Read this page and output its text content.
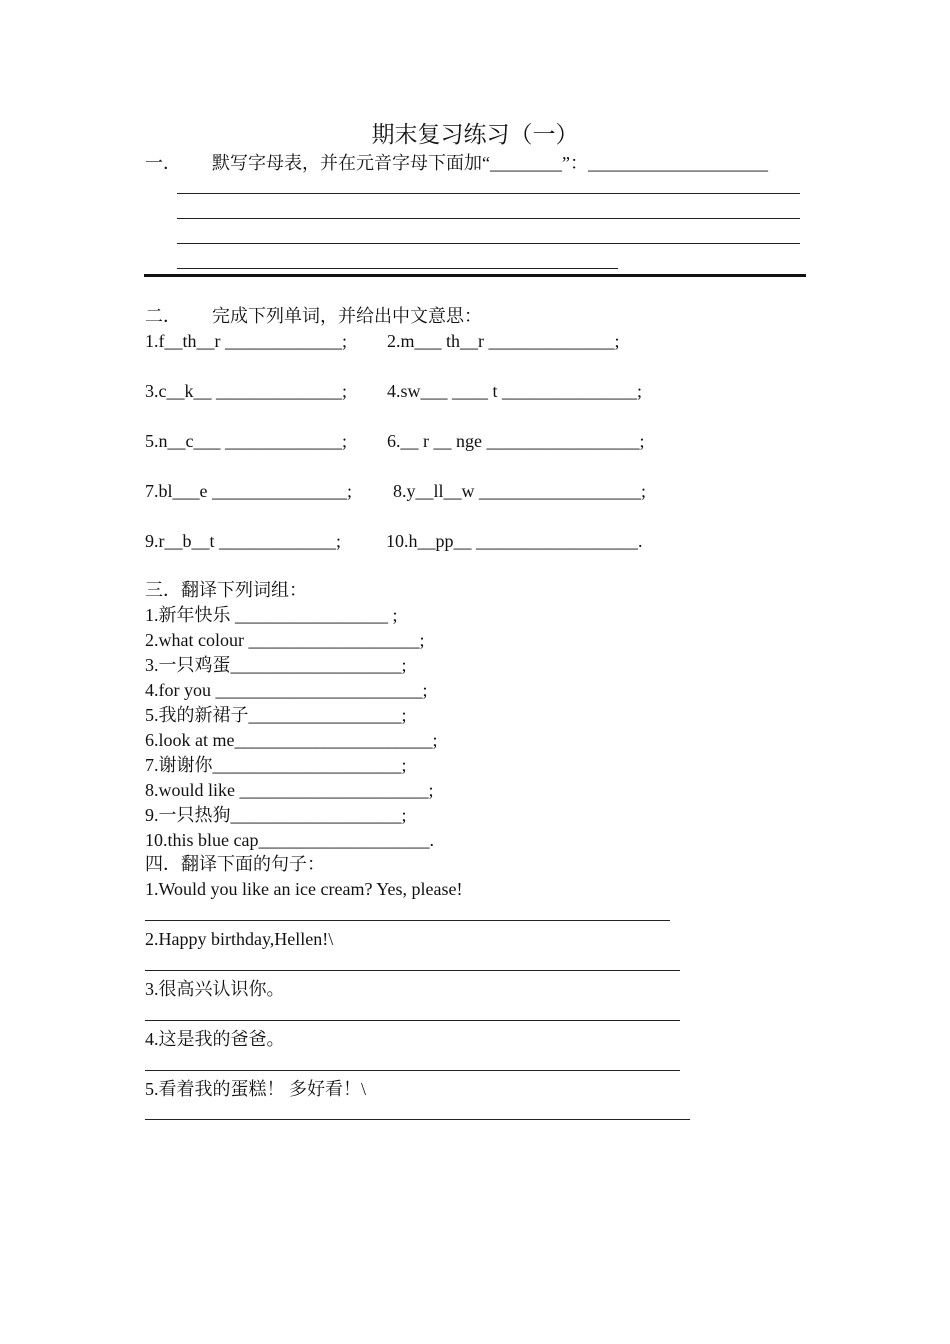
期末复习练习（一）
一． 默写字母表，并在元音字母下面加“________”：____________________
二． 完成下列单词，并给出中文意思：
1.f__th__r _____________; 2.m___ th__r ______________;
3.c__k__ ______________; 4.sw___ ____ t _______________;
5.n__c___ _____________; 6.__ r __ nge _________________;
7.bl___e _______________; 8.y__ll__w __________________;
9.r__b__t _____________;	10.h__pp__ __________________.
三．翻译下列词组：
1.新年快乐 _________________ ;
2.what colour ___________________;
3.一只鸡蛋___________________;
4.for you _______________________;
5.我的新裙子_________________;
6.look at me______________________;
7.谢谢你_____________________;
8.would like _____________________;
9.一只热狗___________________;
10.this blue cap___________________.
四．翻译下面的句子：
1.Would you like an ice cream? Yes, please!
2.Happy birthday,Hellen!\
3.很高兴认识你。
4.这是我的爸爸。
5.看着我的蛋糕！ 多好看！\
